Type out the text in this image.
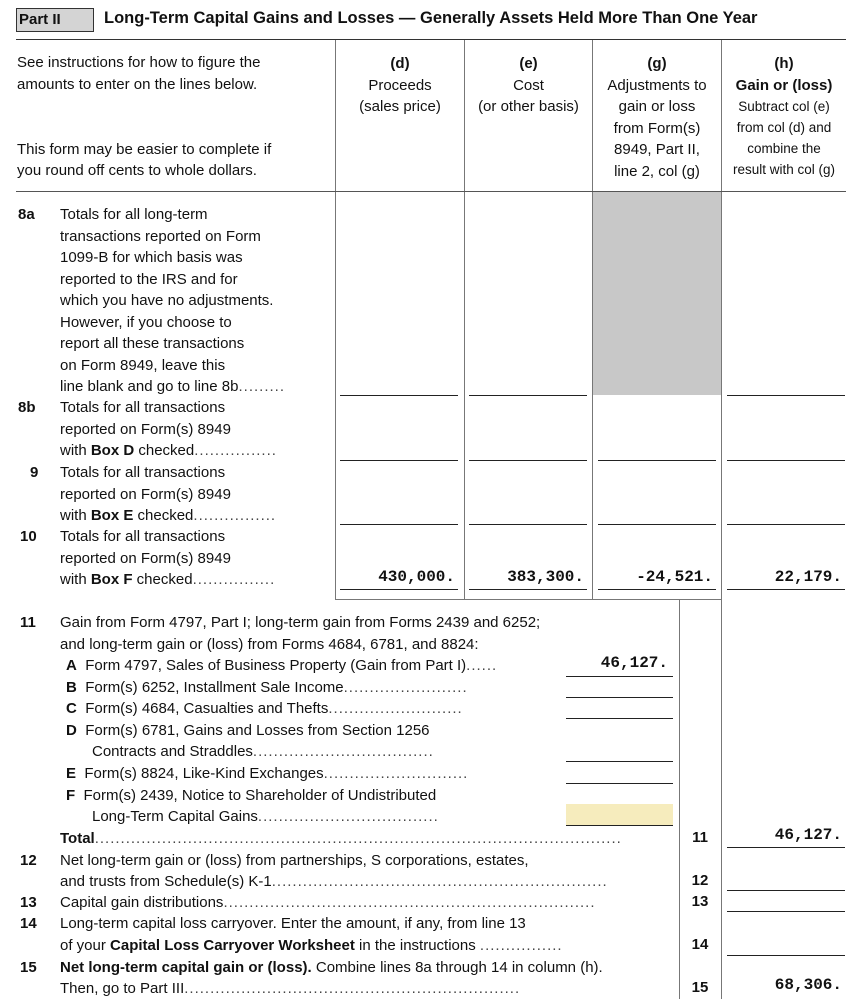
Part II	Long-Term Capital Gains and Losses — Generally Assets Held More Than One Year
See instructions for how to figure the
amounts to enter on the lines below.
This form may be easier to complete if
you round off cents to whole dollars.
(d)
Proceeds
(sales price)
(e)
Cost
(or other basis)
(g)
Adjustments to
gain or loss
from Form(s)
8949, Part II,
line 2, col (g)
(h)
Gain or (loss)
Subtract col (e)
from col (d) and
combine the
result with col (g)
8a Totals for all long-term
transactions reported on Form
1099-B for which basis was
reported to the IRS and for
which you have no adjustments.
However, if you choose to
report all these transactions
on Form 8949, leave this
line blank and go to line 8b.........
8b Totals for all transactions
reported on Form(s) 8949
with Box D checked................
9 Totals for all transactions
reported on Form(s) 8949
with Box E checked................
10 Totals for all transactions
reported on Form(s) 8949
with Box F checked................	430,000.	383,300.	-24,521.	22,179.
11 Gain from Form 4797, Part I; long-term gain from Forms 2439 and 6252;
and long-term gain or (loss) from Forms 4684, 6781, and 8824:
A Form 4797, Sales of Business Property (Gain from Part I)......	46,127.
B Form(s) 6252, Installment Sale Income........................
C Form(s) 4684, Casualties and Thefts..........................
D Form(s) 6781, Gains and Losses from Section 1256
Contracts and Straddles...................................
E Form(s) 8824, Like-Kind Exchanges............................
F Form(s) 2439, Notice to Shareholder of Undistributed
Long-Term Capital Gains...................................
Total......................................................................................................	11	46,127.
12 Net long-term gain or (loss) from partnerships, S corporations, estates,
and trusts from Schedule(s) K-1.................................................................	12
13 Capital gain distributions........................................................................	13
14 Long-term capital loss carryover. Enter the amount, if any, from line 13
of your Capital Loss Carryover Worksheet in the instructions ................	14
15 Net long-term capital gain or (loss). Combine lines 8a through 14 in column (h).
Then, go to Part III.................................................................	15	68,306.
